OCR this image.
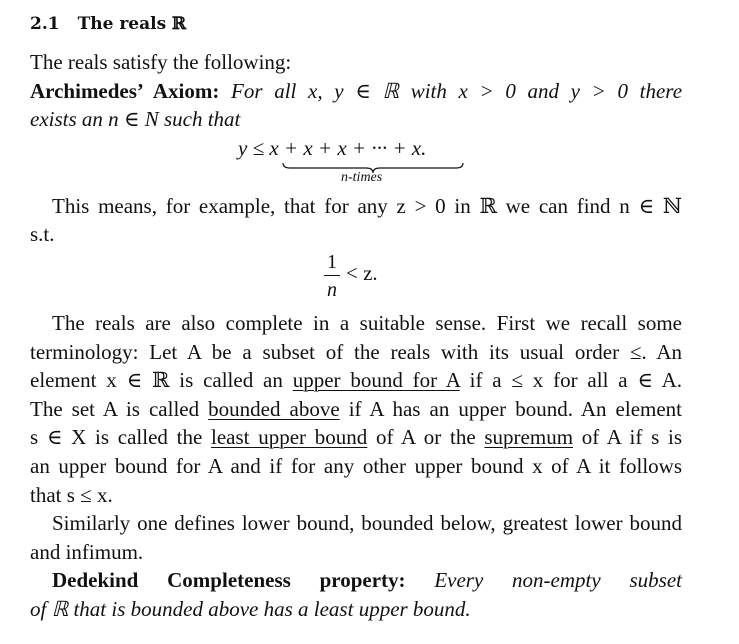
2.1 The reals ℝ
The reals satisfy the following:
Archimedes’ Axiom: For all x, y ∈ ℝ with x > 0 and y > 0 there
exists an n ∈ N such that
y ≤ x + x + x + ··· + x.
n-times
This means, for example, that for any z > 0 in ℝ we can find n ∈ ℕ
s.t.
1
n
< z.
The reals are also complete in a suitable sense. First we recall some
terminology: Let A be a subset of the reals with its usual order ≤. An
element x ∈ ℝ is called an upper bound for A if a ≤ x for all a ∈ A.
The set A is called bounded above if A has an upper bound. An element
s ∈ X is called the least upper bound of A or the supremum of A if s is
an upper bound for A and if for any other upper bound x of A it follows
that s ≤ x.
Similarly one defines lower bound, bounded below, greatest lower bound
and infimum.
Dedekind Completeness property: Every non-empty subset
of ℝ that is bounded above has a least upper bound.
